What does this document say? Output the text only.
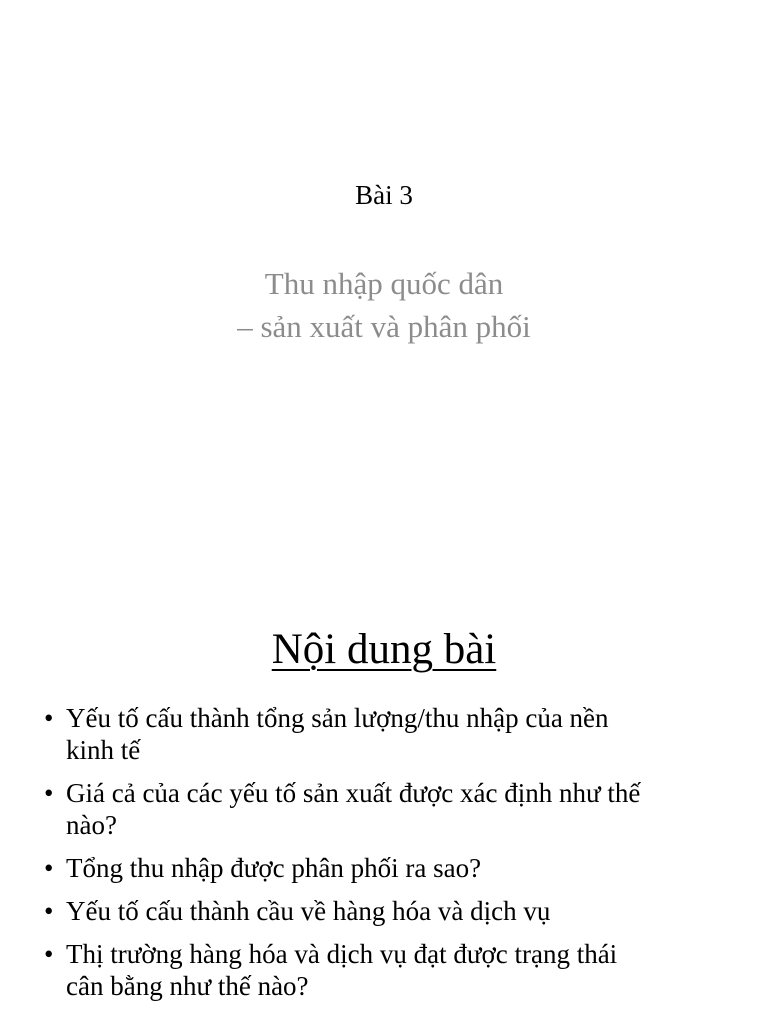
Bài 3
Thu nhập quốc dân
– sản xuất và phân phối
Nội dung bài
• Yếu tố cấu thành tổng sản lượng/thu nhập của nền
kinh tế
• Giá cả của các yếu tố sản xuất được xác định như thế
nào?
• Tổng thu nhập được phân phối ra sao?
• Yếu tố cấu thành cầu về hàng hóa và dịch vụ
• Thị trường hàng hóa và dịch vụ đạt được trạng thái
cân bằng như thế nào?
